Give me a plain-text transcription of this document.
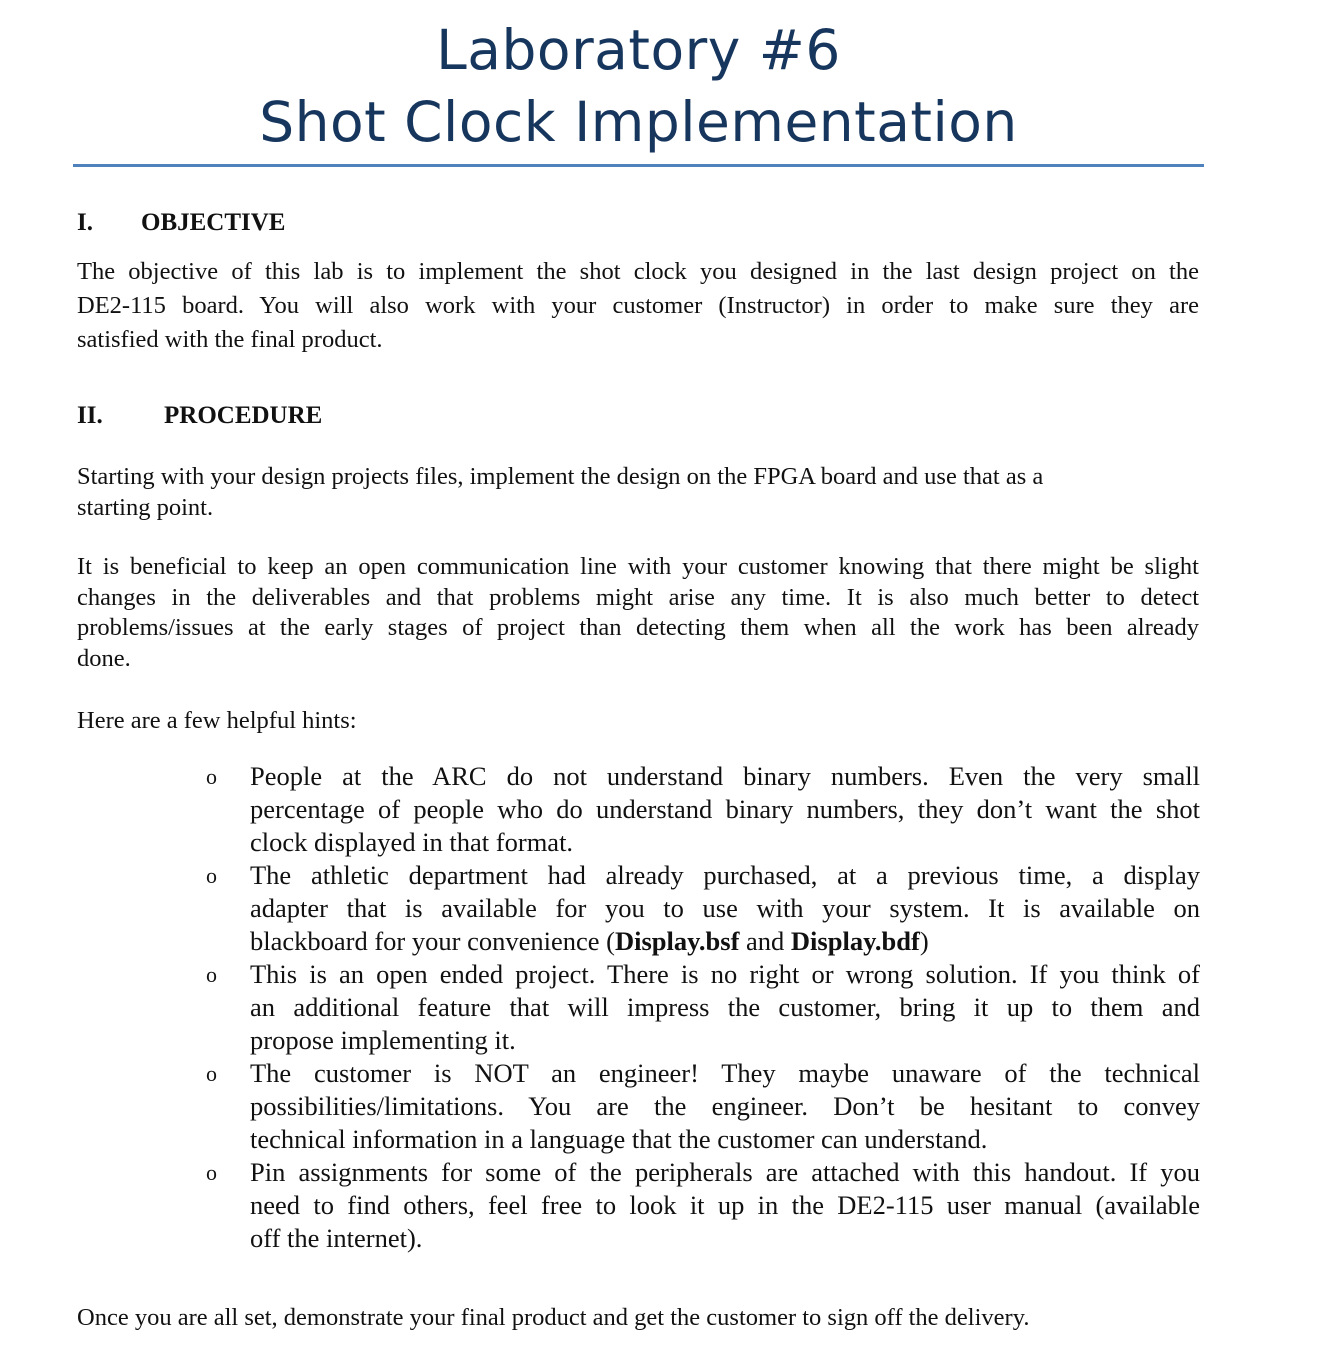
Laboratory #6
Shot Clock Implementation
I. OBJECTIVE
The objective of this lab is to implement the shot clock you designed in the last design project on the
DE2-115 board. You will also work with your customer (Instructor) in order to make sure they are
satisfied with the final product.
II. PROCEDURE
Starting with your design projects files, implement the design on the FPGA board and use that as a
starting point.
It is beneficial to keep an open communication line with your customer knowing that there might be slight
changes in the deliverables and that problems might arise any time. It is also much better to detect
problems/issues at the early stages of project than detecting them when all the work has been already
done.
Here are a few helpful hints:
o People at the ARC do not understand binary numbers. Even the very small
percentage of people who do understand binary numbers, they don’t want the shot
clock displayed in that format.
o The athletic department had already purchased, at a previous time, a display
adapter that is available for you to use with your system. It is available on
blackboard for your convenience (Display.bsf and Display.bdf)
o This is an open ended project. There is no right or wrong solution. If you think of
an additional feature that will impress the customer, bring it up to them and
propose implementing it.
o The customer is NOT an engineer! They maybe unaware of the technical
possibilities/limitations. You are the engineer. Don’t be hesitant to convey
technical information in a language that the customer can understand.
o Pin assignments for some of the peripherals are attached with this handout. If you
need to find others, feel free to look it up in the DE2-115 user manual (available
off the internet).
Once you are all set, demonstrate your final product and get the customer to sign off the delivery.
